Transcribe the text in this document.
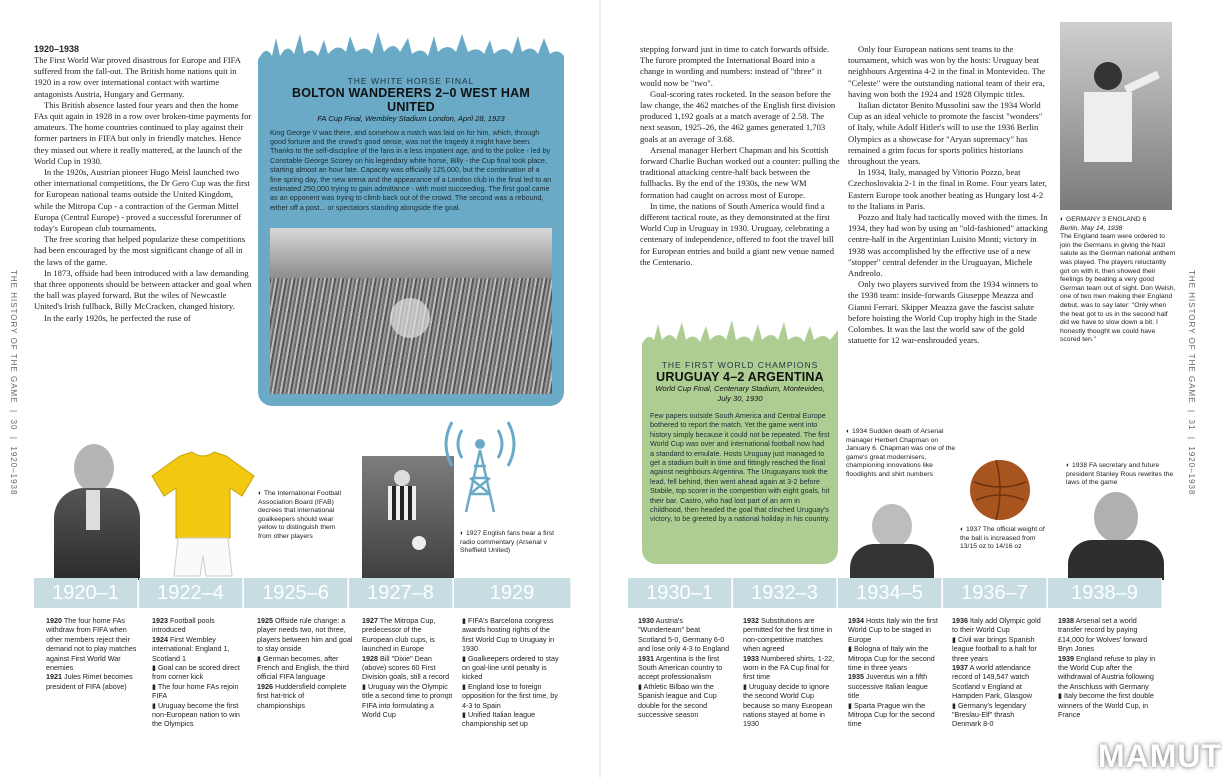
THE HISTORY OF THE GAME  |  30  |  1920–1938
THE HISTORY OF THE GAME  |  31  |  1920–1938
1920–1938

The First World War proved disastrous for Europe and FIFA suffered from the fall-out. The British home nations quit in 1920 in a row over international contact with wartime antagonists Austria, Hungary and Germany.

This British absence lasted four years and then the home FAs quit again in 1928 in a row over broken-time payments for amateurs. The home countries continued to play against their former partners in FIFA but only in friendly matches. Hence they missed out where it really mattered, at the launch of the World Cup in 1930.

In the 1920s, Austrian pioneer Hugo Meisl launched two other international competitions, the Dr Gero Cup was the first for European national teams outside the United Kingdom, while the Mitropa Cup - a contraction of the German Mittel Europa (Central Europe) - proved a successful forerunner of today's European club tournaments.

The free scoring that helped popularize these competitions had been encouraged by the most significant change of all in the laws of the game.

In 1873, offside had been introduced with a law demanding that three opponents should be between attacker and goal when the ball was played forward. But the wiles of Newcastle United's Irish fullback, Billy McCracken, changed history.

In the early 1920s, he perfected the ruse of

THE WHITE HORSE FINAL
BOLTON WANDERERS 2–0 WEST HAM UNITED
FA Cup Final, Wembley Stadium London, April 28, 1923
King George V was there, and somehow a match was laid on for him, which, through good fortune and the crowd's good sense, was not the tragedy it might have been. Thanks to the self-discipline of the fans in a less impatient age, and to the police - led by Constable George Scorey on his legendary white horse, Billy - the Cup final took place, starting almost an hour late. Capacity was officially 125,000, but the combination of a fine spring day, the new arena and the appearance of a London club in the final led to an estimated 250,000 trying to gain admittance - with most succeeding. The first goal came as an opponent was trying to climb back out of the crowd. The second was a rebound, either off a post... or spectators standing alongside the goal.

stepping forward just in time to catch forwards offside. The furore prompted the International Board into a change in wording and numbers: instead of "three" it would now be "two".

Goal-scoring rates rocketed. In the season before the law change, the 462 matches of the English first division produced 1,192 goals at a match average of 2.58. The next season, 1925–26, the 462 games generated 1,703 goals at an average of 3.68.

Arsenal manager Herbert Chapman and his Scottish forward Charlie Buchan worked out a counter: pulling the traditional attacking centre-half back between the fullbacks. By the end of the 1930s, the new WM formation had caught on across most of Europe.

In time, the nations of South America would find a different tactical route, as they demonstrated at the first World Cup in Uruguay in 1930. Uruguay, celebrating a centenary of independence, offered to foot the travel bill for European entries and build a giant new venue named the Centenario.

Only four European nations sent teams to the tournament, which was won by the hosts: Uruguay beat neighbours Argentina 4-2 in the final in Montevideo. The "Celeste" were the outstanding national team of their era, having won both the 1924 and 1928 Olympic titles.

Italian dictator Benito Mussolini saw the 1934 World Cup as an ideal vehicle to promote the fascist "wonders" of Italy, while Adolf Hitler's will to use the 1936 Berlin Olympics as a showcase for "Aryan supremacy" has remained a grim focus for sports politics historians throughout the years.

In 1934, Italy, managed by Vittorio Pozzo, beat Czechoslovakia 2-1 in the final in Rome. Four years later, Eastern Europe took another beating as Hungary lost 4-2 to the Italians in Paris.

Pozzo and Italy had tactically moved with the times. In 1934, they had won by using an "old-fashioned" attacking centre-half in the Argentinian Luisito Monti; victory in 1938 was accomplished by the effective use of a new "stopper" central defender in the Uruguayan, Michele Andreolo.

Only two players survived from the 1934 winners to the 1938 team: inside-forwards Giuseppe Meazza and Gianni Ferrari. Skipper Meazza gave the fascist salute before hoisting the World Cup trophy high in the Stade Colombes. It was the last the world saw of the gold statuette for 12 war-enshrouded years.

◐ GERMANY 3 ENGLAND 6
Berlin, May 14, 1938
The England team were ordered to join the Germans in giving the Nazi salute as the German national anthem was played. The players reluctantly got on with it, then showed their feelings by beating a very good German team out of sight. Don Welsh, one of two men making their England debut, was to say later: "Only when the heat got to us in the second half did we have to slow down a bit. I honestly thought we could have scored ten."
THE FIRST WORLD CHAMPIONS
URUGUAY 4–2 ARGENTINA
World Cup Final, Centenary Stadium, Montevideo, July 30, 1930
Few papers outside South America and Central Europe bothered to report the match. Yet the game went into history simply because it could not be repeated. The first World Cup was over and international football now had a standard to emulate. Hosts Uruguay just managed to get a stadium built in time and fittingly reached the final against neighbours Argentina. The Uruguayans took the lead, fell behind, then went ahead again at 3-2 before Stabile, top scorer in the competition with eight goals, hit their bar. Castro, who had lost part of an arm in childhood, then headed the goal that clinched Uruguay's victory, to be greeted by a national holiday in his country.
◐ The International Football Association Board (IFAB) decrees that international goalkeepers should wear yellow to distinguish them from other players	◐ 1927 English fans hear a first radio commentary (Arsenal v Sheffield United)
◐ 1934 Sudden death of Arsenal manager Herbert Chapman on January 6. Chapman was one of the game's great modernisers, championing innovations like floodlights and shirt numbers
◐ 1937 The official weight of the ball is increased from 13/15 oz to 14/16 oz
◐ 1938 FA secretary and future president Stanley Rous rewrites the laws of the game
1920–1	1922–4	1925–6	1927–8	1929	1930–1	1932–3	1934–5	1936–7	1938–9
1920 The four home FAs withdraw from FIFA when other members reject their demand not to play matches against First World War enemies
1921 Jules Rimet becomes president of FIFA (above)
1923 Football pools introduced
1924 First Wembley international: England 1, Scotland 1
▮ Goal can be scored direct from corner kick
▮ The four home FAs rejoin FIFA
▮ Uruguay become the first non-European nation to win the Olympics
1925 Offside rule change: a player needs two, not three, players between him and goal to stay onside
▮ German becomes, after French and English, the third official FIFA language
1926 Huddersfield complete first hat-trick of championships
1927 The Mitropa Cup, predecessor of the European club cups, is launched in Europe
1928 Bill "Dixie" Dean (above) scores 60 First Division goals, still a record
▮ Uruguay win the Olympic title a second time to prompt FIFA into formulating a World Cup
▮ FIFA's Barcelona congress awards hosting rights of the first World Cup to Uruguay in 1930
▮ Goalkeepers ordered to stay on goal-line until penalty is kicked
▮ England lose to foreign opposition for the first time, by 4-3 to Spain
▮ Unified Italian league championship set up
1930 Austria's "Wunderteam" beat Scotland 5-0, Germany 6-0 and lose only 4-3 to England
1931 Argentina is the first South American country to accept professionalism
▮ Athletic Bilbao win the Spanish league and Cup double for the second successive season
1932 Substitutions are permitted for the first time in non-competitive matches when agreed
1933 Numbered shirts, 1-22, worn in the FA Cup final for first time
▮ Uruguay decide to ignore the second World Cup because so many European nations stayed at home in 1930
1934 Hosts Italy win the first World Cup to be staged in Europe
▮ Bologna of Italy win the Mitropa Cup for the second time in three years
1935 Juventus win a fifth successive Italian league title
▮ Sparta Prague win the Mitropa Cup for the second time
1936 Italy add Olympic gold to their World Cup
▮ Civil war brings Spanish league football to a halt for three years
1937 A world attendance record of 149,547 watch Scotland v England at Hampden Park, Glasgow
▮ Germany's legendary "Breslau-Elf" thrash Denmark 8-0
1938 Arsenal set a world transfer record by paying £14,000 for Wolves' forward Bryn Jones
1939 England refuse to play in the World Cup after the withdrawal of Austria following the Anschluss with Germany
▮ Italy become the first double winners of the World Cup, in France
MAMUT
